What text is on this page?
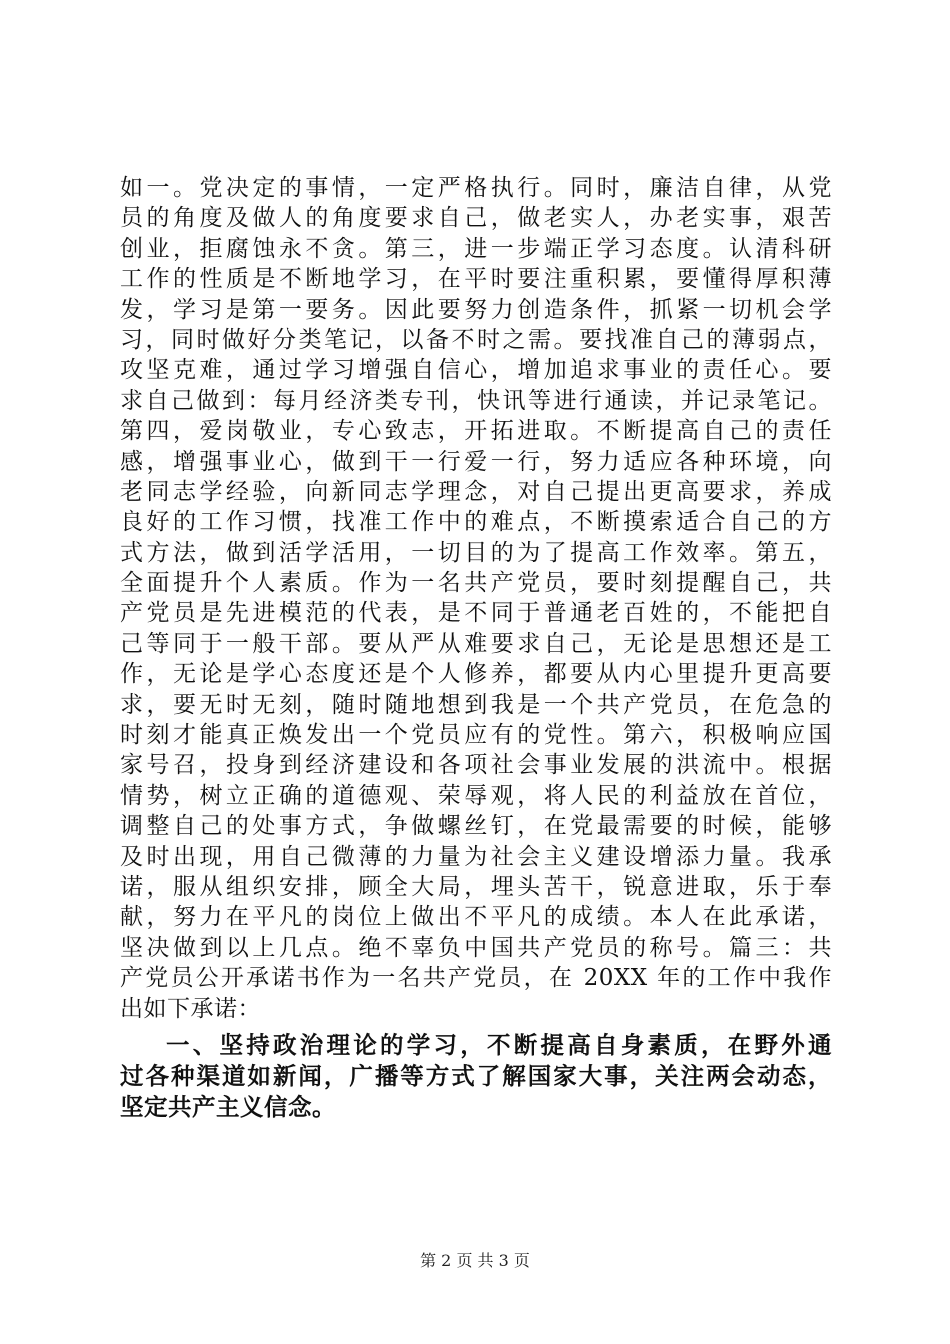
如一。党决定的事情，一定严格执行。同时，廉洁自律，从党
员的角度及做人的角度要求自己，做老实人，办老实事，艰苦
创业，拒腐蚀永不贪。第三，进一步端正学习态度。认清科研
工作的性质是不断地学习，在平时要注重积累，要懂得厚积薄
发，学习是第一要务。因此要努力创造条件，抓紧一切机会学
习，同时做好分类笔记，以备不时之需。要找准自己的薄弱点，
攻坚克难，通过学习增强自信心，增加追求事业的责任心。要
求自己做到：每月经济类专刊，快讯等进行通读，并记录笔记。
第四，爱岗敬业，专心致志，开拓进取。不断提高自己的责任
感，增强事业心，做到干一行爱一行，努力适应各种环境，向
老同志学经验，向新同志学理念，对自己提出更高要求，养成
良好的工作习惯，找准工作中的难点，不断摸索适合自己的方
式方法，做到活学活用，一切目的为了提高工作效率。第五，
全面提升个人素质。作为一名共产党员，要时刻提醒自己，共
产党员是先进模范的代表，是不同于普通老百姓的，不能把自
己等同于一般干部。要从严从难要求自己，无论是思想还是工
作，无论是学心态度还是个人修养，都要从内心里提升更高要
求，要无时无刻，随时随地想到我是一个共产党员，在危急的
时刻才能真正焕发出一个党员应有的党性。第六，积极响应国
家号召，投身到经济建设和各项社会事业发展的洪流中。根据
情势，树立正确的道德观、荣辱观，将人民的利益放在首位，
调整自己的处事方式，争做螺丝钉，在党最需要的时候，能够
及时出现，用自己微薄的力量为社会主义建设增添力量。我承
诺，服从组织安排，顾全大局，埋头苦干，锐意进取，乐于奉
献，努力在平凡的岗位上做出不平凡的成绩。本人在此承诺，
坚决做到以上几点。绝不辜负中国共产党员的称号。篇三：共
产党员公开承诺书作为一名共产党员，在 20XX 年的工作中我作
出如下承诺：
一、坚持政治理论的学习，不断提高自身素质，在野外通
过各种渠道如新闻，广播等方式了解国家大事，关注两会动态，
坚定共产主义信念。
第 2 页 共 3 页
